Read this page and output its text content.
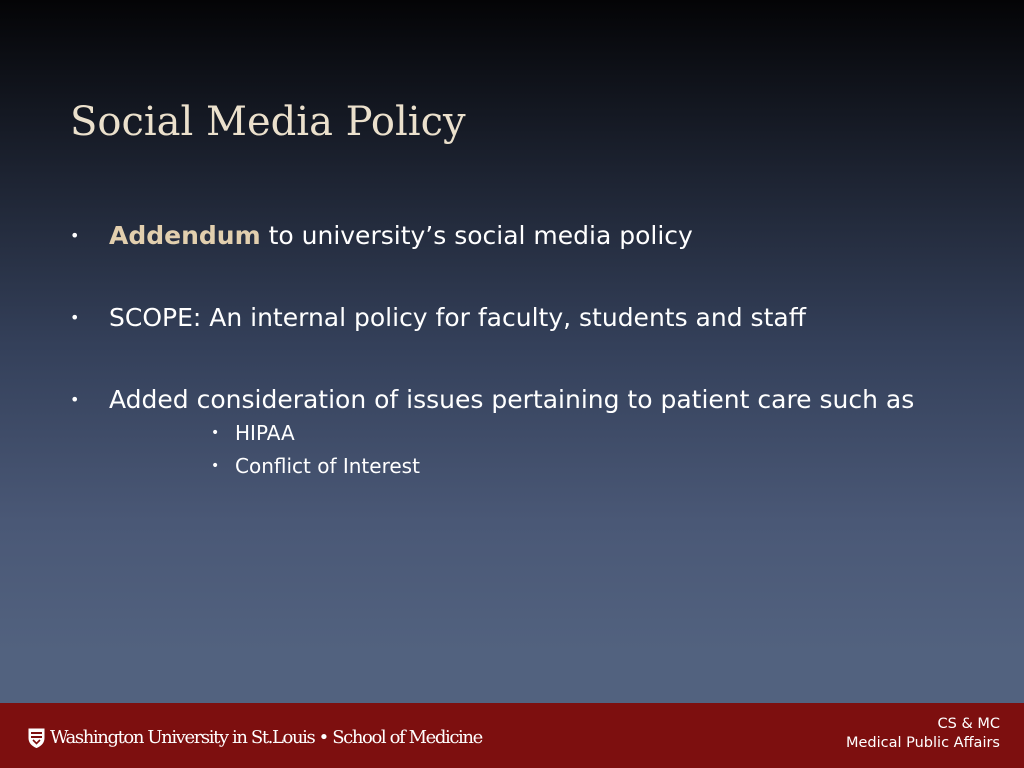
Social Media Policy
• Addendum to university’s social media policy
• SCOPE: An internal policy for faculty, students and staff
• Added consideration of issues pertaining to patient care such as
• HIPAA
• Conflict of Interest
Washington University in St.Louis • School of Medicine
CS & MC
Medical Public Affairs
